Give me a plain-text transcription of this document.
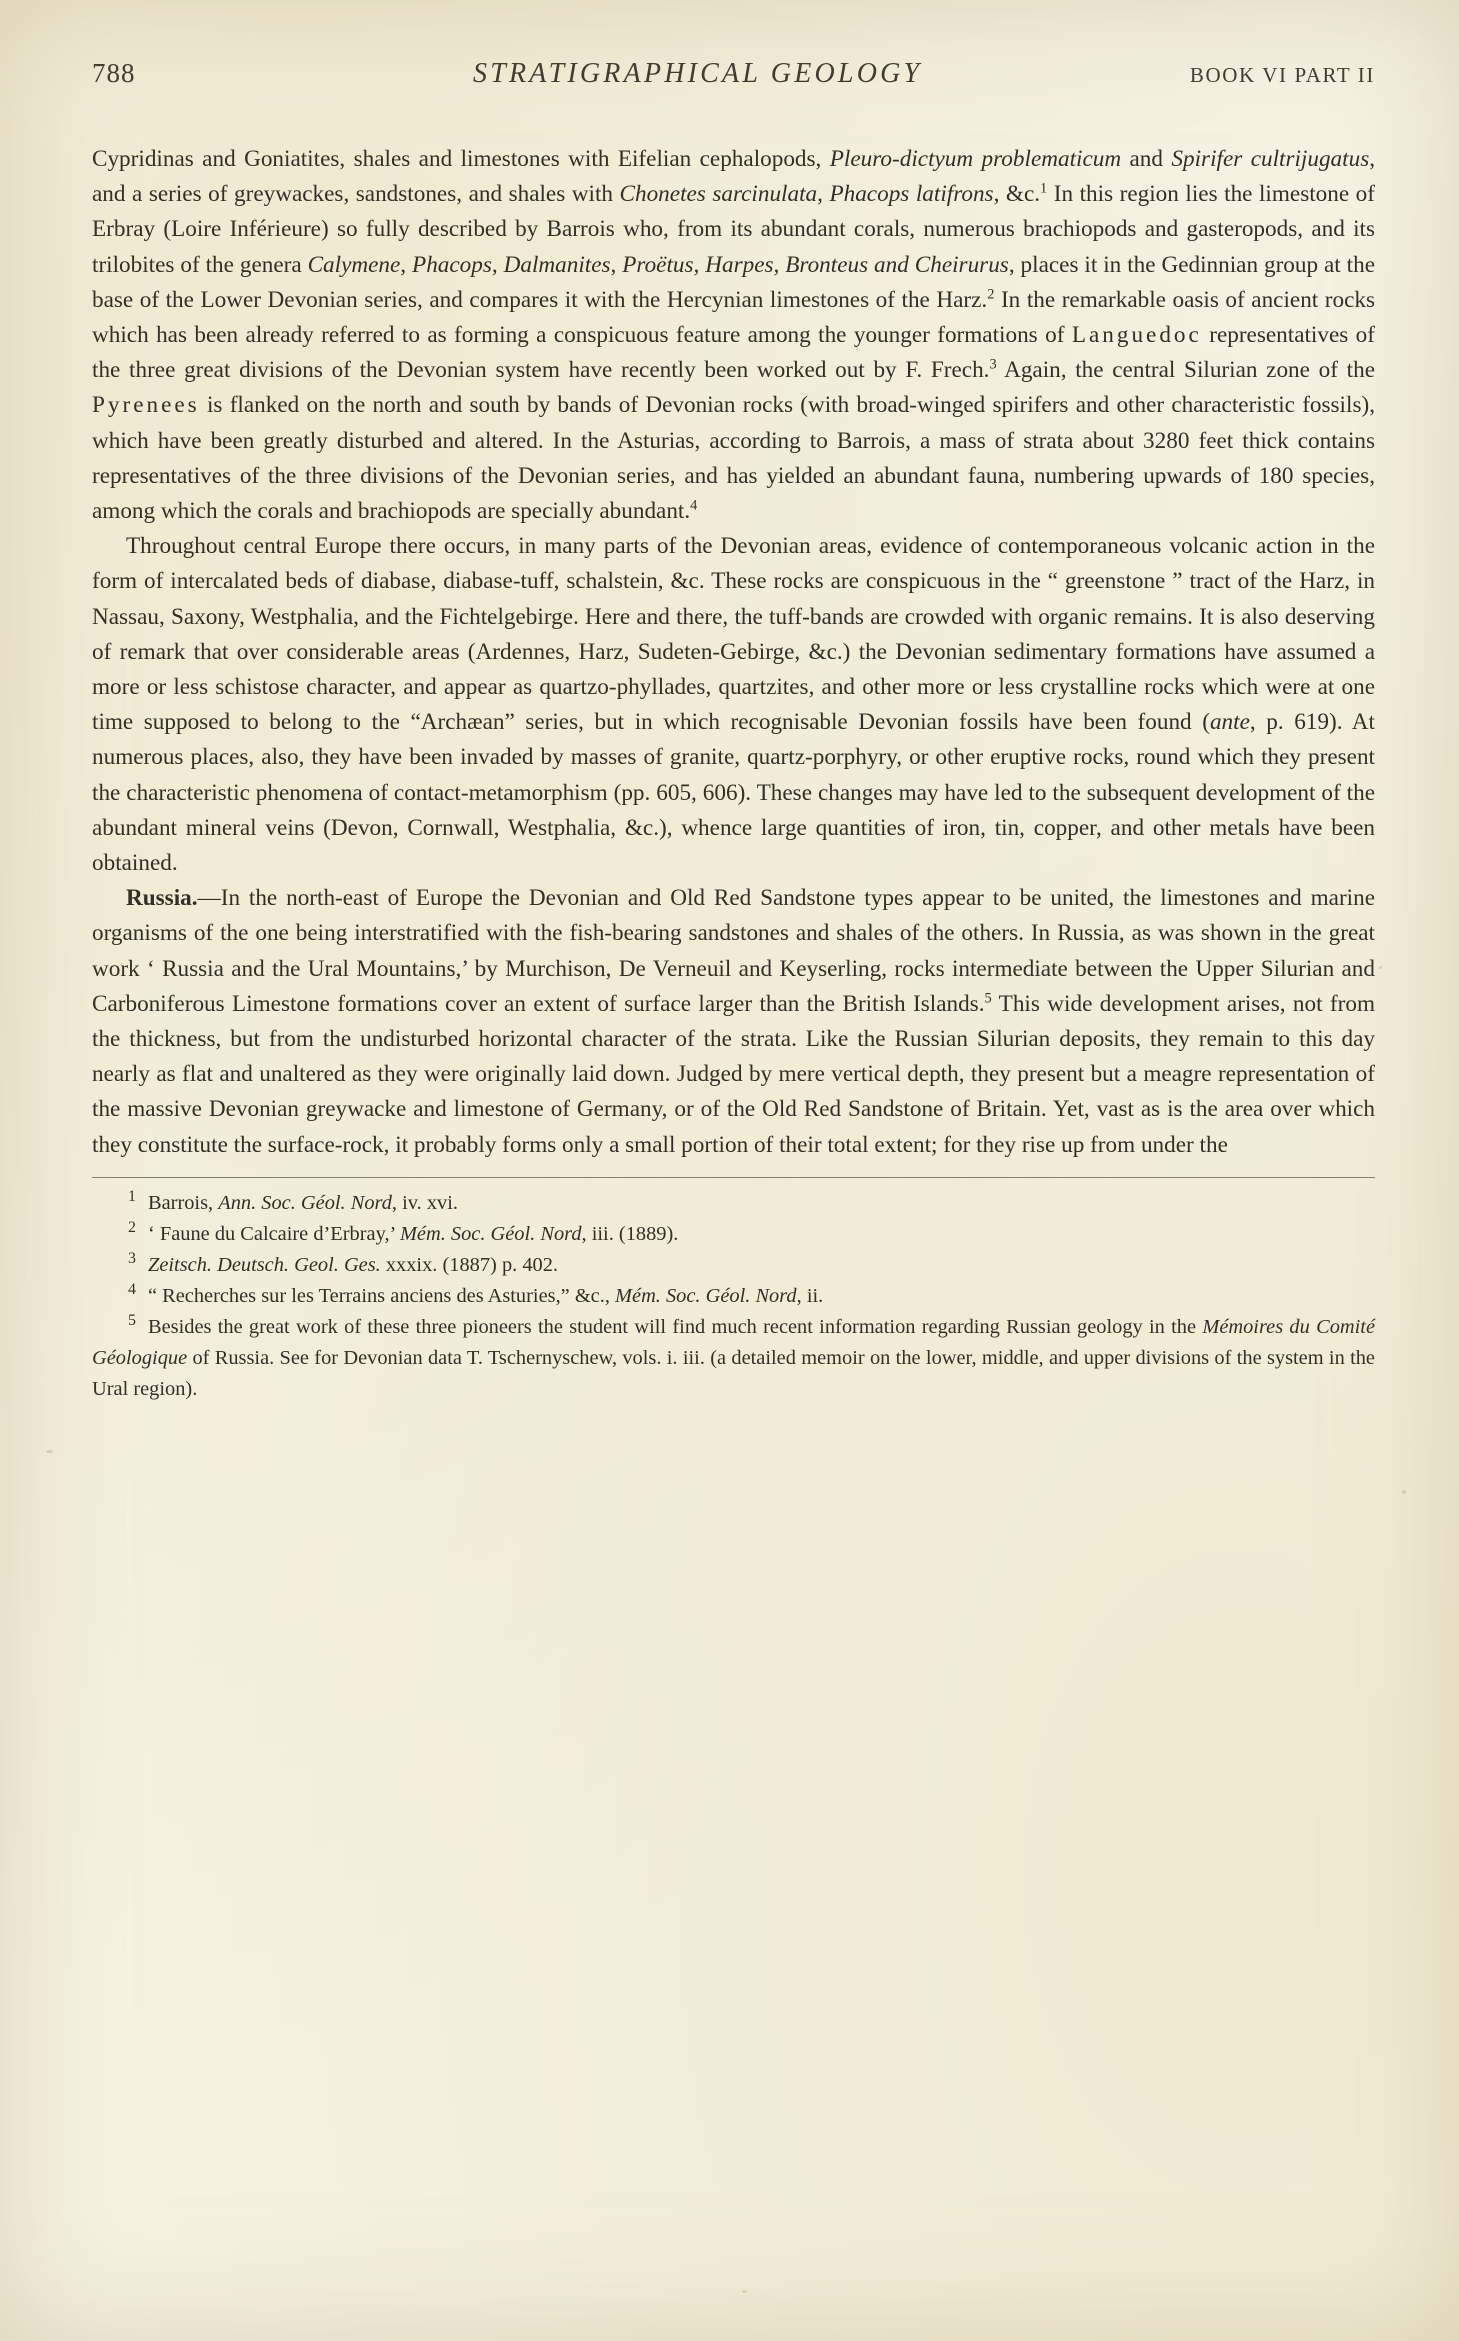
788	STRATIGRAPHICAL GEOLOGY	BOOK VI PART II

Cypridinas and Goniatites, shales and limestones with Eifelian cephalopods, Pleuro-dictyum problematicum and Spirifer cultrijugatus, and a series of greywackes, sandstones, and shales with Chonetes sarcinulata, Phacops latifrons, &c.$^1$ In this region lies the limestone of Erbray (Loire Inférieure) so fully described by Barrois who, from its abundant corals, numerous brachiopods and gasteropods, and its trilobites of the genera Calymene, Phacops, Dalmanites, Proëtus, Harpes, Bronteus and Cheirurus, places it in the Gedinnian group at the base of the Lower Devonian series, and compares it with the Hercynian limestones of the Harz.$^2$ In the remarkable oasis of ancient rocks which has been already referred to as forming a conspicuous feature among the younger formations of Languedoc representatives of the three great divisions of the Devonian system have recently been worked out by F. Frech.$^3$ Again, the central Silurian zone of the Pyrenees is flanked on the north and south by bands of Devonian rocks (with broad-winged spirifers and other characteristic fossils), which have been greatly disturbed and altered. In the Asturias, according to Barrois, a mass of strata about 3280 feet thick contains representatives of the three divisions of the Devonian series, and has yielded an abundant fauna, numbering upwards of 180 species, among which the corals and brachiopods are specially abundant.$^4$

Throughout central Europe there occurs, in many parts of the Devonian areas, evidence of contemporaneous volcanic action in the form of intercalated beds of diabase, diabase-tuff, schalstein, &c. These rocks are conspicuous in the “ greenstone ” tract of the Harz, in Nassau, Saxony, Westphalia, and the Fichtelgebirge. Here and there, the tuff-bands are crowded with organic remains. It is also deserving of remark that over considerable areas (Ardennes, Harz, Sudeten-Gebirge, &c.) the Devonian sedimentary formations have assumed a more or less schistose character, and appear as quartzo-phyllades, quartzites, and other more or less crystalline rocks which were at one time supposed to belong to the “Archæan” series, but in which recognisable Devonian fossils have been found (ante, p. 619). At numerous places, also, they have been invaded by masses of granite, quartz-porphyry, or other eruptive rocks, round which they present the characteristic phenomena of contact-metamorphism (pp. 605, 606). These changes may have led to the subsequent development of the abundant mineral veins (Devon, Cornwall, Westphalia, &c.), whence large quantities of iron, tin, copper, and other metals have been obtained.

Russia.—In the north-east of Europe the Devonian and Old Red Sandstone types appear to be united, the limestones and marine organisms of the one being interstratified with the fish-bearing sandstones and shales of the others. In Russia, as was shown in the great work ‘ Russia and the Ural Mountains,’ by Murchison, De Verneuil and Keyserling, rocks intermediate between the Upper Silurian and Carboniferous Limestone formations cover an extent of surface larger than the British Islands.$^5$ This wide development arises, not from the thickness, but from the undisturbed horizontal character of the strata. Like the Russian Silurian deposits, they remain to this day nearly as flat and unaltered as they were originally laid down. Judged by mere vertical depth, they present but a meagre representation of the massive Devonian greywacke and limestone of Germany, or of the Old Red Sandstone of Britain. Yet, vast as is the area over which they constitute the surface-rock, it probably forms only a small portion of their total extent; for they rise up from under the

1 Barrois, Ann. Soc. Géol. Nord, iv. xvi.

2 ‘ Faune du Calcaire d’Erbray,’ Mém. Soc. Géol. Nord, iii. (1889).

3 Zeitsch. Deutsch. Geol. Ges. xxxix. (1887) p. 402.

4 “ Recherches sur les Terrains anciens des Asturies,” &c., Mém. Soc. Géol. Nord, ii.

5 Besides the great work of these three pioneers the student will find much recent information regarding Russian geology in the Mémoires du Comité Géologique of Russia. See for Devonian data T. Tschernyschew, vols. i. iii. (a detailed memoir on the lower, middle, and upper divisions of the system in the Ural region).
